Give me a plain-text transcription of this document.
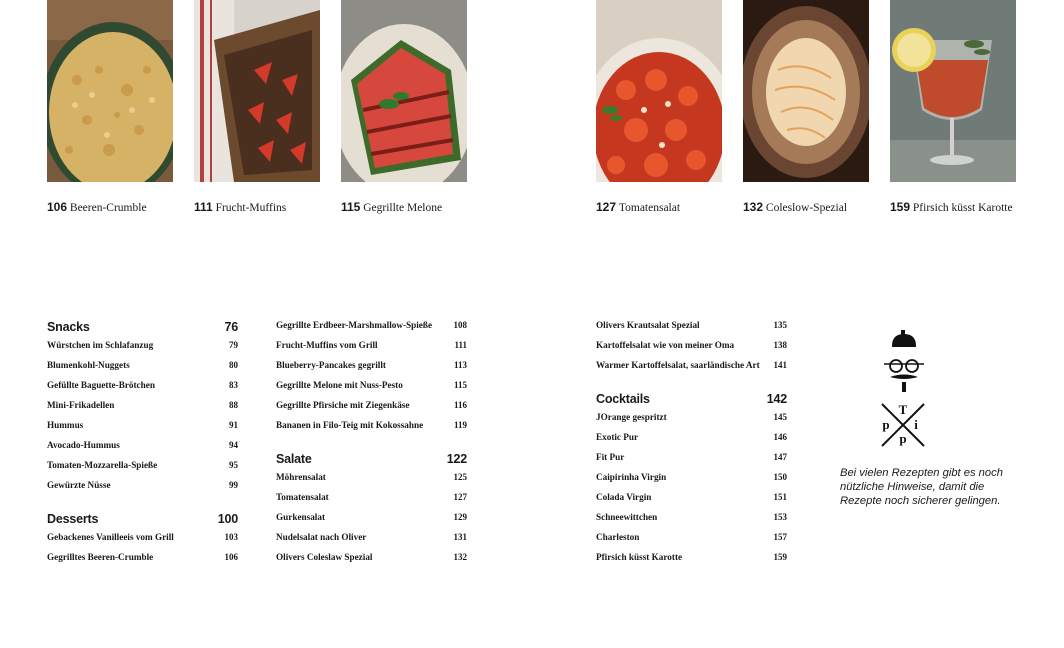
106 Beeren-Crumble	111 Frucht-Muffins	115 Gegrillte Melone	127 Tomatensalat	132 Coleslow-Spezial	159 Pfirsich küsst Karotte
Snacks	76
Würstchen im Schlafanzug	79
Blumenkohl-Nuggets	80
Gefüllte Baguette-Brötchen	83
Mini-Frikadellen	88
Hummus	91
Avocado-Hummus	94
Tomaten-Mozzarella-Spieße	95
Gewürzte Nüsse	99
Desserts	100
Gebackenes Vanilleeis vom Grill	103
Gegrilltes Beeren-Crumble	106
Gegrillte Erdbeer-Marshmallow-Spieße 108
Frucht-Muffins vom Grill	111
Blueberry-Pancakes gegrillt	113
Gegrillte Melone mit Nuss-Pesto	115
Gegrillte Pfirsiche mit Ziegenkäse	116
Bananen in Filo-Teig mit Kokossahne	119
Salate	122
Möhrensalat	125
Tomatensalat	127
Gurkensalat	129
Nudelsalat nach Oliver	131
Olivers Coleslaw Spezial	132
Olivers Krautsalat Spezial	135
Kartoffelsalat wie von meiner Oma	138
Warmer Kartoffelsalat, saarländische Art 141
Cocktails	142
JOrange gespritzt	145
Exotic Pur	146
Fit Pur	147
Caipirinha Virgin	150
Colada Virgin	151
Schneewittchen	153
Charleston	157
Pfirsich küsst Karotte	159
T
i
p
p
Bei vielen Rezepten gibt es noch nützliche Hinweise, damit die Rezepte noch sicherer gelingen.
